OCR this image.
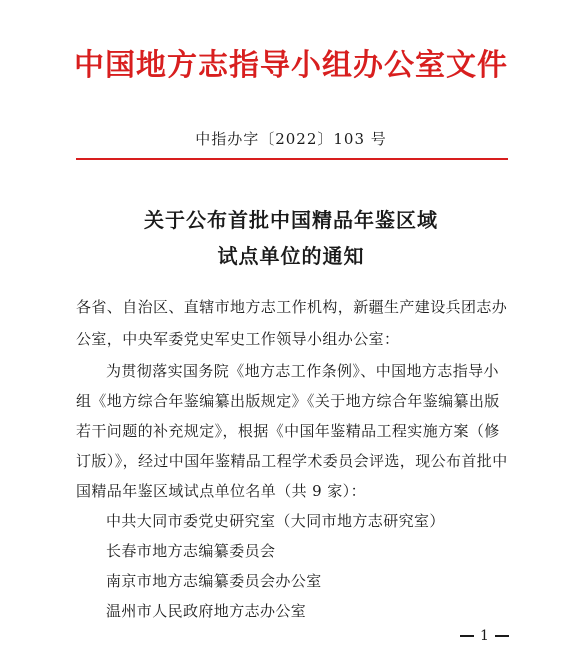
中国地方志指导小组办公室文件
中指办字〔2022〕103 号
关于公布首批中国精品年鉴区域
试点单位的通知
各省、自治区、直辖市地方志工作机构，新疆生产建设兵团志办
公室，中央军委党史军史工作领导小组办公室：
为贯彻落实国务院《地方志工作条例》、中国地方志指导小
组《地方综合年鉴编纂出版规定》《关于地方综合年鉴编纂出版
若干问题的补充规定》，根据《中国年鉴精品工程实施方案（修
订版）》，经过中国年鉴精品工程学术委员会评选，现公布首批中
国精品年鉴区域试点单位名单（共 9 家）：
中共大同市委党史研究室（大同市地方志研究室）
长春市地方志编纂委员会
南京市地方志编纂委员会办公室
温州市人民政府地方志办公室
1
